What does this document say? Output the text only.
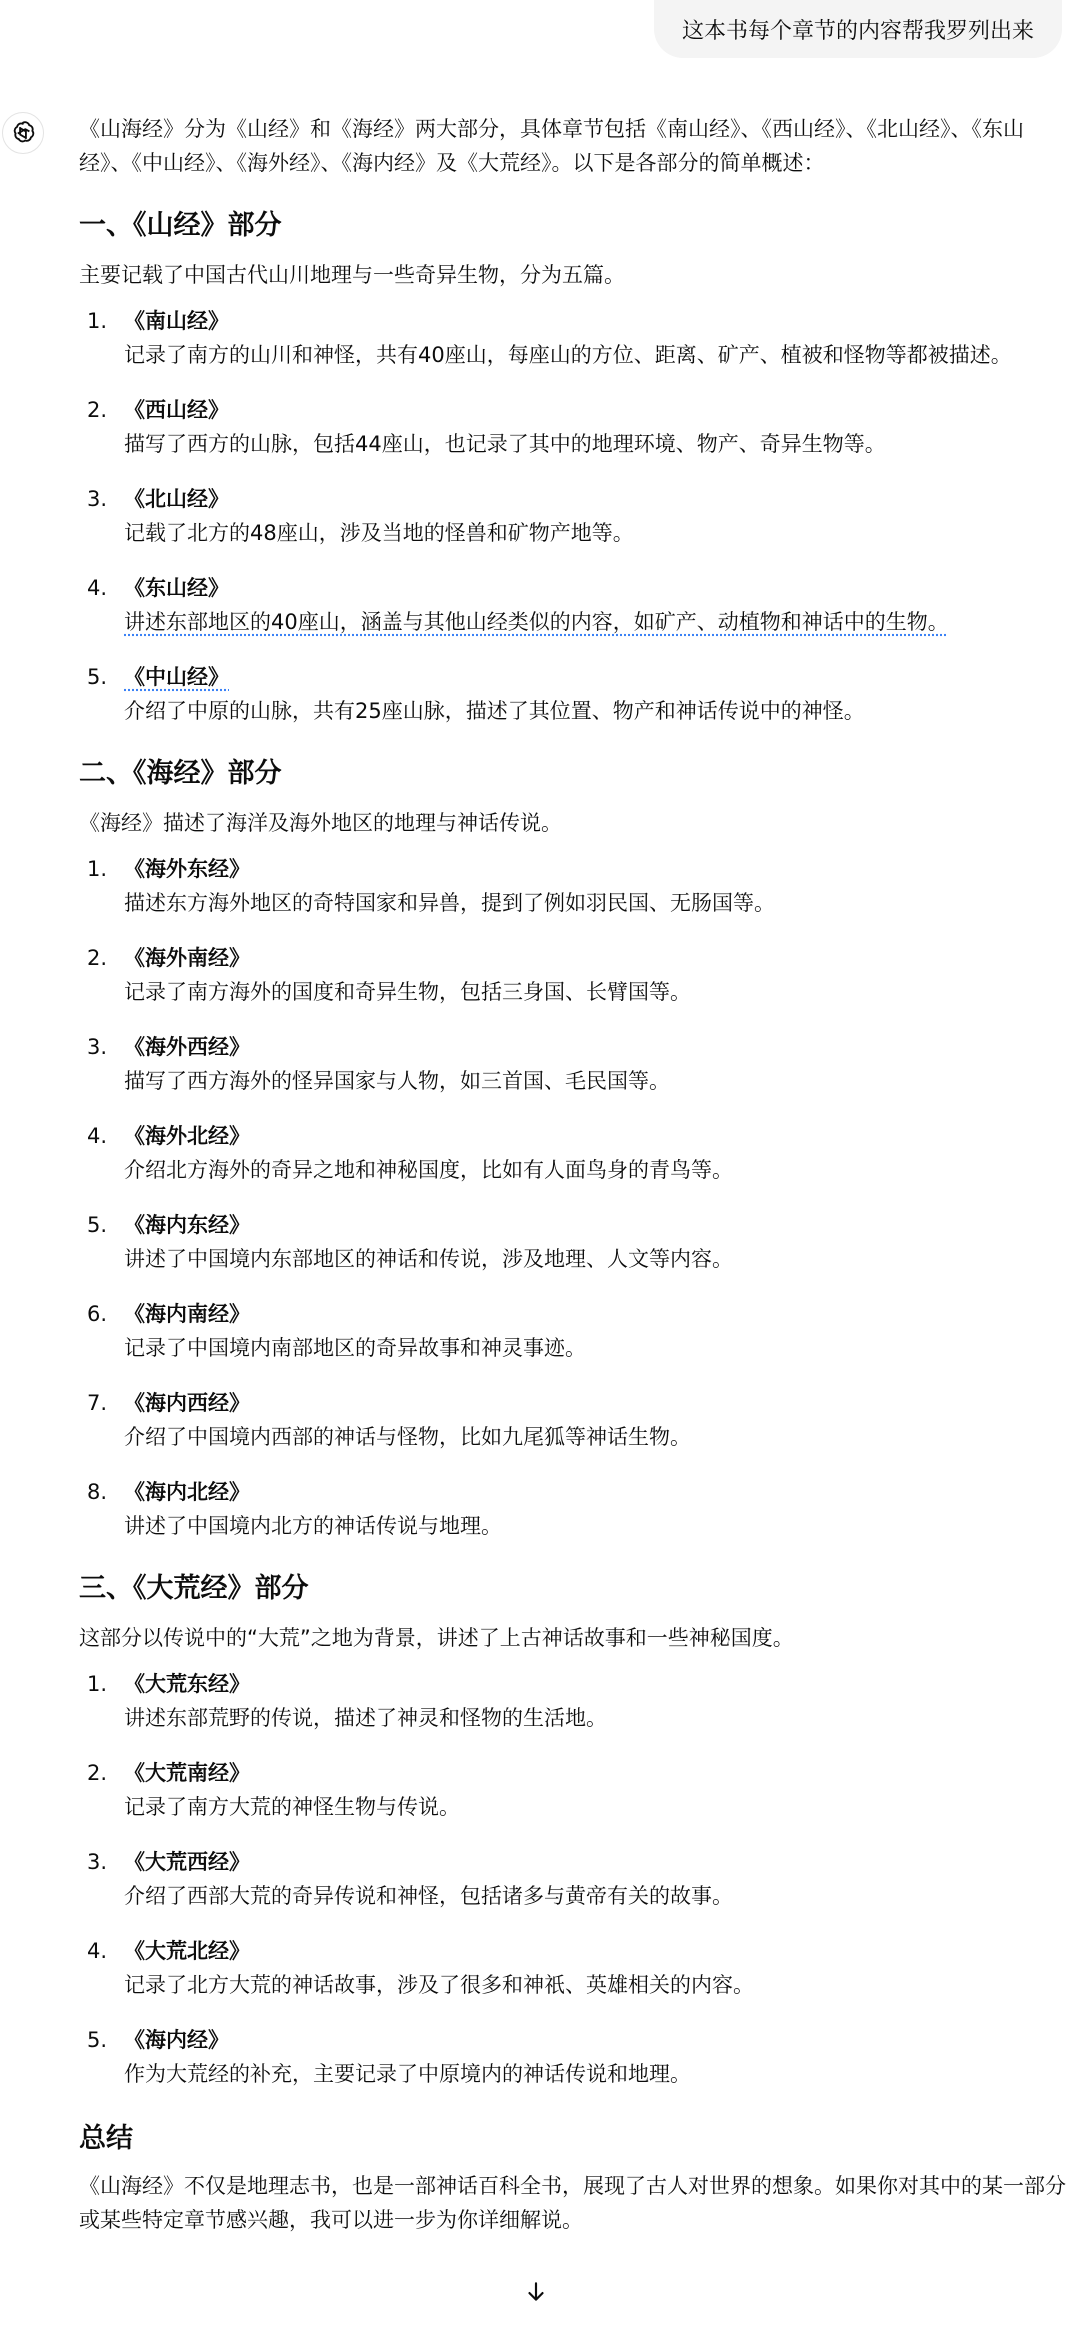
这本书每个章节的内容帮我罗列出来

《山海经》分为《山经》和《海经》两大部分，具体章节包括《南山经》、《西山经》、《北山经》、《东山经》、《中山经》、《海外经》、《海内经》及《大荒经》。以下是各部分的简单概述：

一、《山经》部分

主要记载了中国古代山川地理与一些奇异生物，分为五篇。

1. 《南山经》
记录了南方的山川和神怪，共有40座山，每座山的方位、距离、矿产、植被和怪物等都被描述。
2. 《西山经》
描写了西方的山脉，包括44座山，也记录了其中的地理环境、物产、奇异生物等。
3. 《北山经》
记载了北方的48座山，涉及当地的怪兽和矿物产地等。
4. 《东山经》
讲述东部地区的40座山，涵盖与其他山经类似的内容，如矿产、动植物和神话中的生物。
5. 《中山经》
介绍了中原的山脉，共有25座山脉，描述了其位置、物产和神话传说中的神怪。
二、《海经》部分

《海经》描述了海洋及海外地区的地理与神话传说。

1. 《海外东经》
描述东方海外地区的奇特国家和异兽，提到了例如羽民国、无肠国等。
2. 《海外南经》
记录了南方海外的国度和奇异生物，包括三身国、长臂国等。
3. 《海外西经》
描写了西方海外的怪异国家与人物，如三首国、毛民国等。
4. 《海外北经》
介绍北方海外的奇异之地和神秘国度，比如有人面鸟身的青鸟等。
5. 《海内东经》
讲述了中国境内东部地区的神话和传说，涉及地理、人文等内容。
6. 《海内南经》
记录了中国境内南部地区的奇异故事和神灵事迹。
7. 《海内西经》
介绍了中国境内西部的神话与怪物，比如九尾狐等神话生物。
8. 《海内北经》
讲述了中国境内北方的神话传说与地理。
三、《大荒经》部分

这部分以传说中的“大荒”之地为背景，讲述了上古神话故事和一些神秘国度。

1. 《大荒东经》
讲述东部荒野的传说，描述了神灵和怪物的生活地。
2. 《大荒南经》
记录了南方大荒的神怪生物与传说。
3. 《大荒西经》
介绍了西部大荒的奇异传说和神怪，包括诸多与黄帝有关的故事。
4. 《大荒北经》
记录了北方大荒的神话故事，涉及了很多和神祇、英雄相关的内容。
5. 《海内经》
作为大荒经的补充，主要记录了中原境内的神话传说和地理。
总结

《山海经》不仅是地理志书，也是一部神话百科全书，展现了古人对世界的想象。如果你对其中的某一部分或某些特定章节感兴趣，我可以进一步为你详细解说。
